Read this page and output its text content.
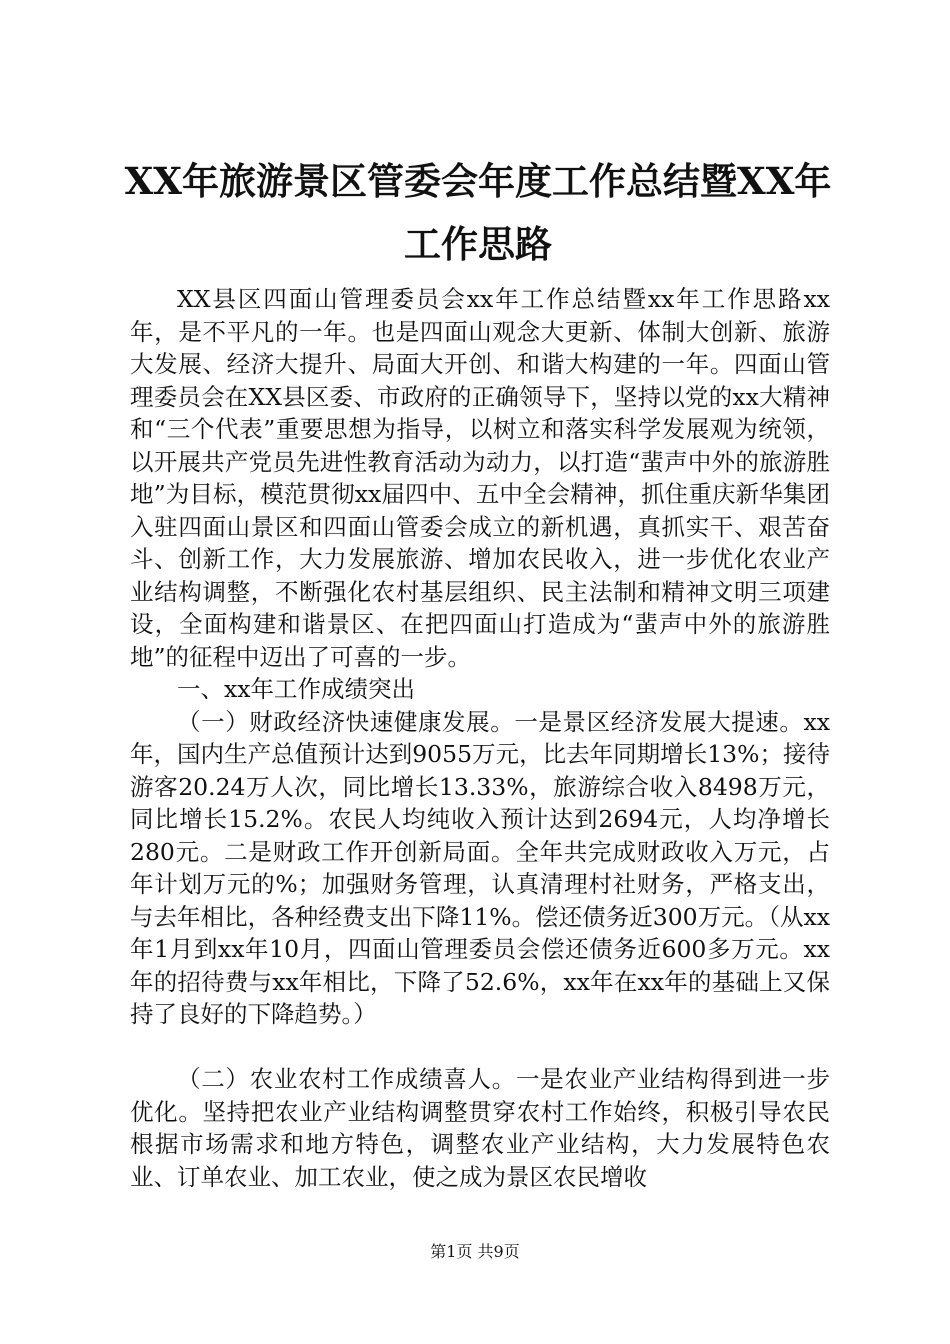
XX年旅游景区管委会年度工作总结暨XX年工作思路

XX县区四面山管理委员会xx年工作总结暨xx年工作思路xx年，是不平凡的一年。也是四面山观念大更新、体制大创新、旅游大发展、经济大提升、局面大开创、和谐大构建的一年。四面山管理委员会在XX县区委、市政府的正确领导下，坚持以党的xx大精神和“三个代表”重要思想为指导，以树立和落实科学发展观为统领，以开展共产党员先进性教育活动为动力，以打造“蜚声中外的旅游胜地”为目标，模范贯彻xx届四中、五中全会精神，抓住重庆新华集团入驻四面山景区和四面山管委会成立的新机遇，真抓实干、艰苦奋斗、创新工作，大力发展旅游、增加农民收入，进一步优化农业产业结构调整，不断强化农村基层组织、民主法制和精神文明三项建设，全面构建和谐景区、在把四面山打造成为“蜚声中外的旅游胜地”的征程中迈出了可喜的一步。

一、xx年工作成绩突出

（一）财政经济快速健康发展。一是景区经济发展大提速。xx年，国内生产总值预计达到9055万元，比去年同期增长13%；接待游客20.24万人次，同比增长13.33%，旅游综合收入8498万元，同比增长15.2%。农民人均纯收入预计达到2694元，人均净增长280元。二是财政工作开创新局面。全年共完成财政收入万元，占年计划万元的%；加强财务管理，认真清理村社财务，严格支出，与去年相比，各种经费支出下降11%。偿还债务近300万元。（从xx年1月到xx年10月，四面山管理委员会偿还债务近600多万元。xx年的招待费与xx年相比，下降了52.6%，xx年在xx年的基础上又保持了良好的下降趋势。）

（二）农业农村工作成绩喜人。一是农业产业结构得到进一步优化。坚持把农业产业结构调整贯穿农村工作始终，积极引导农民根据市场需求和地方特色，调整农业产业结构，大力发展特色农业、订单农业、加工农业，使之成为景区农民增收

第1页 共9页
